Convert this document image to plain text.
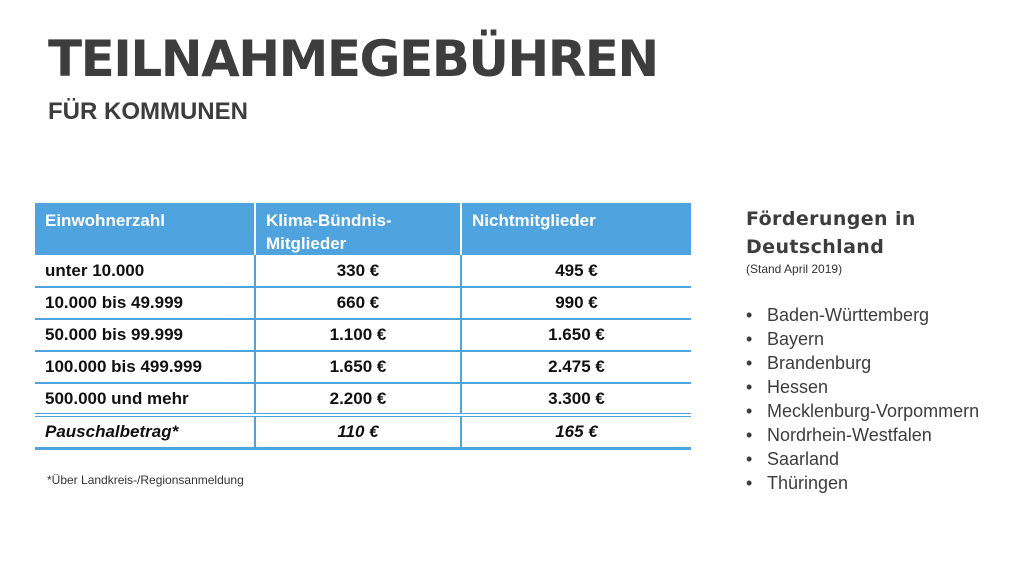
TEILNAHMEGEBÜHREN
FÜR KOMMUNEN
Einwohnerzahl	Klima-Bündnis-Mitglieder	Nichtmitglieder
unter 10.000	330 €	495 €
10.000 bis 49.999	660 €	990 €
50.000 bis 99.999	1.100 €	1.650 €
100.000 bis 499.999	1.650 €	2.475 €
500.000 und mehr	2.200 €	3.300 €
Pauschalbetrag*	110 €	165 €
*Über Landkreis-/Regionsanmeldung
Förderungen in
Deutschland
(Stand April 2019)
• Baden-Württemberg
• Bayern
• Brandenburg
• Hessen
• Mecklenburg-Vorpommern
• Nordrhein-Westfalen
• Saarland
• Thüringen
